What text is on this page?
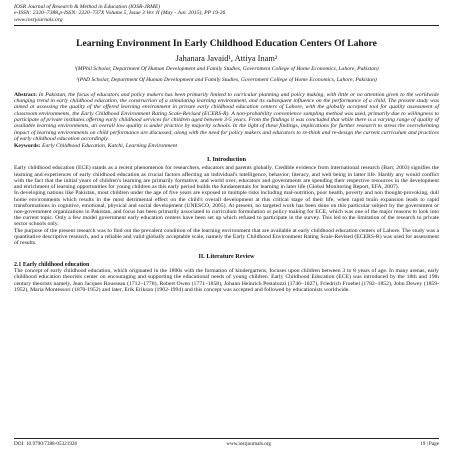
IOSR Journal of Research & Method in Education (IOSR-JRME)
e-ISSN: 2320–7388,p-ISSN: 2320–737X Volume 5, Issue 3 Ver. II (May - Jun. 2015), PP 19-26
www.iosrjournals.org
Learning Environment In Early Childhood Education Centers Of Lahore
Jahanara Javaid¹, Attiya Inam²
¹(MPhil Scholar, Department Of Human Development and Family Studies, Government College of Home Economics, Lahore, Pakistan)
²(PhD Scholar, Department Of Human Development and Family Studies, Government College of Home Economics, Lahore, Pakistan)
Abstract: In Pakistan, the focus of educators and policy makers has been primarily limited to curricular planning and policy making, with little or no attention given to the worldwide changing trend in early childhood education, the construction of a stimulating learning environment, and its subsequent influence on the performance of a child. The present study was aimed at assessing the quality of the offered learning environment in private early childhood education centers of Lahore, with the globally accepted tool for quality assessment of classroom environments, the Early Childhood Environment Rating Scale-Revised (ECERS-R). A non-probability convenience sampling method was used, primarily due to willingness to participate of private institutes offering early childhood services for children aged between 3-5 years. From the findings it was concluded that while there is a varying range of quality of available learning environments, an overall low quality is under practice by majority schools. In the light of these findings, implications for further research to stress the overwhelming impact of learning environments on child performance are discussed, along with the need for policy makers and educators to re-think and re-design the current curriculum and practices of early childhood education accordingly.
Keywords: Early Childhood Education, Katchi, Learning Environment
I. Introduction

Early childhood education (ECE) stands as a recent phenomenon for researchers, educators and parents globally. Credible evidence from international research (Barr, 2003) signifies the learning and experiences of early childhood education as crucial factors affecting an individual's intelligence, behavior, literacy, and well being in latter life. Hardly any would conflict with the fact that the initial years of children's learning are primarily formative, and world over, educators and governments are spending their respective resources in the development and enrichment of learning opportunities for young children as this early period builds the fundamentals for learning in later life (Global Monitoring Report, EFA, 2007).

In developing nations like Pakistan, most children under the age of five years are exposed to multiple risks including mal-nutrition, poor health, poverty and non thought-provoking, dull home environments which results in the most detrimental effect on the child's overall development at this critical stage of their life, when rapid brain expansion leads to rapid transformations in cognitive, emotional, physical and social development (UNESCO, 2005). At present, no targeted work has been done on this particular subject by the government or non-government organizations in Pakistan, and focus has been primarily associated to curriculum formulation or policy making for ECE, which was one of the major reasons to look into the current topic. Only a few model government early education centers have been set up which refused to participate in the survey. This led to the limitation of the research to private sector schools only.

The purpose of the present research was to find out the prevalent condition of the learning environment that are available at early childhood education centers of Lahore. The study was a quantitative descriptive research, and a reliable and valid globally acceptable scale, namely the Early Childhood Environment Rating Scale-Revised (ECERS-R) was used for assessment of results.

II. Literature Review
2.1 Early childhood education

The concept of early childhood education, which originated in the 1800s with the formation of kindergartens, focuses upon children between 3 to 8 years of age. In many arenas, early childhood education theorists center on encouraging and supporting the educational needs of young children. Early Childhood Education (ECE) was introduced by the 18th and 19th century theorists namely, Jean Jacques Rousseau (1712–1778), Robert Owen (1771–1858), Johann Heinrich Pestalozzi (1746–1827), Friedrich Froebel (1782–1852), John Dewey (1859-1952), Maria Montessori (1870-1952) and later, Erik Erikson (1902-1994) and this concept was accepted and followed by educationists worldwide.

DOI: 10.9790/7388-05321926	www.iosrjournals.org	19 | Page
